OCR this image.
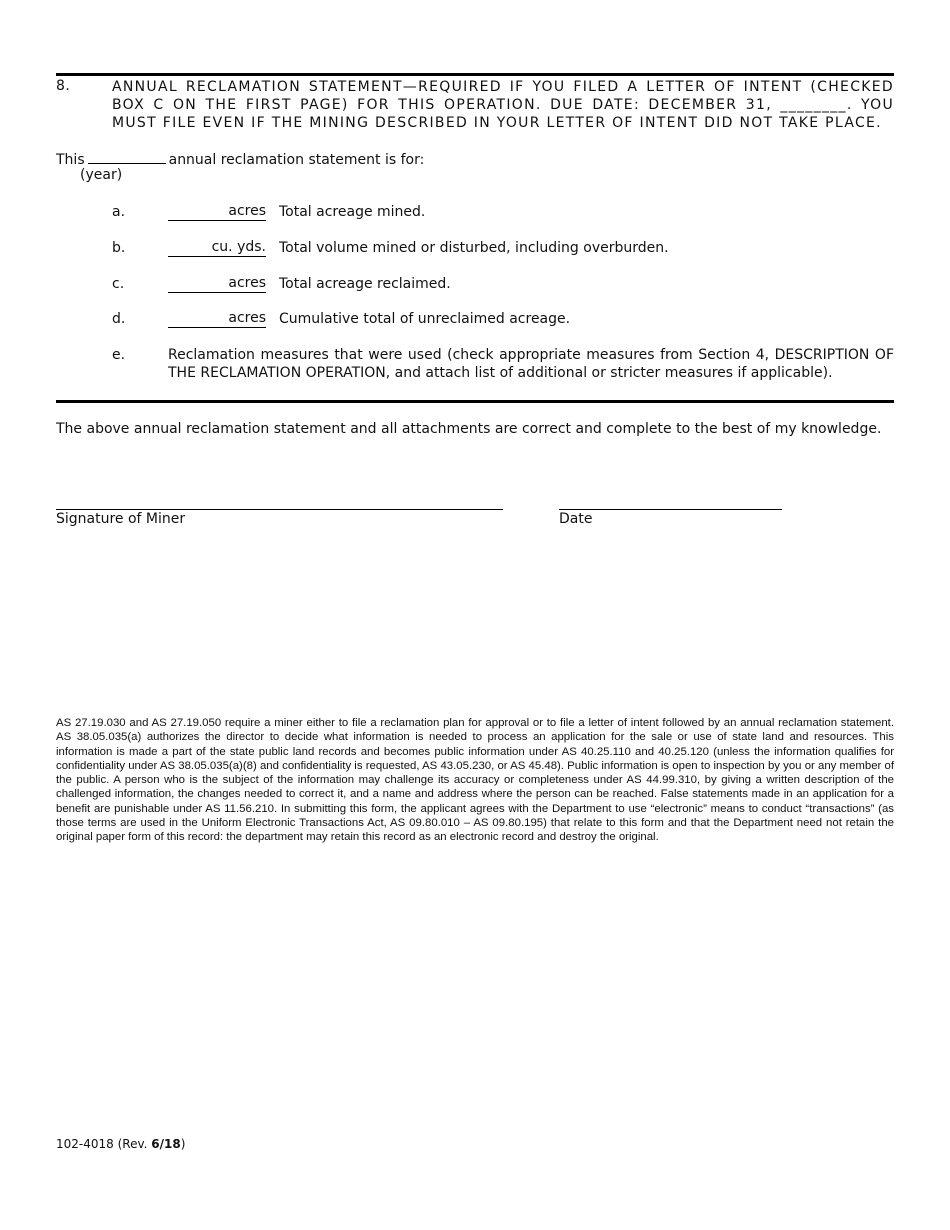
8.	ANNUAL RECLAMATION STATEMENT—REQUIRED IF YOU FILED A LETTER OF INTENT (CHECKED BOX C ON THE FIRST PAGE) FOR THIS OPERATION. DUE DATE: DECEMBER 31, ________. YOU MUST FILE EVEN IF THE MINING DESCRIBED IN YOUR LETTER OF INTENT DID NOT TAKE PLACE.
This	annual reclamation statement is for:
(year)
a.	acres Total acreage mined.
b.	cu. yds. Total volume mined or disturbed, including overburden.
c.	acres Total acreage reclaimed.
d.	acres Cumulative total of unreclaimed acreage.
e.	Reclamation measures that were used (check appropriate measures from Section 4, DESCRIPTION OF THE RECLAMATION OPERATION, and attach list of additional or stricter measures if applicable).
The above annual reclamation statement and all attachments are correct and complete to the best of my knowledge.
Signature of Miner	Date
AS 27.19.030 and AS 27.19.050 require a miner either to file a reclamation plan for approval or to file a letter of intent followed by an annual reclamation statement. AS 38.05.035(a) authorizes the director to decide what information is needed to process an application for the sale or use of state land and resources. This information is made a part of the state public land records and becomes public information under AS 40.25.110 and 40.25.120 (unless the information qualifies for confidentiality under AS 38.05.035(a)(8) and confidentiality is requested, AS 43.05.230, or AS 45.48). Public information is open to inspection by you or any member of the public. A person who is the subject of the information may challenge its accuracy or completeness under AS 44.99.310, by giving a written description of the challenged information, the changes needed to correct it, and a name and address where the person can be reached. False statements made in an application for a benefit are punishable under AS 11.56.210. In submitting this form, the applicant agrees with the Department to use “electronic” means to conduct “transactions” (as those terms are used in the Uniform Electronic Transactions Act, AS 09.80.010 – AS 09.80.195) that relate to this form and that the Department need not retain the original paper form of this record: the department may retain this record as an electronic record and destroy the original.
102-4018 (Rev. 6/18)
